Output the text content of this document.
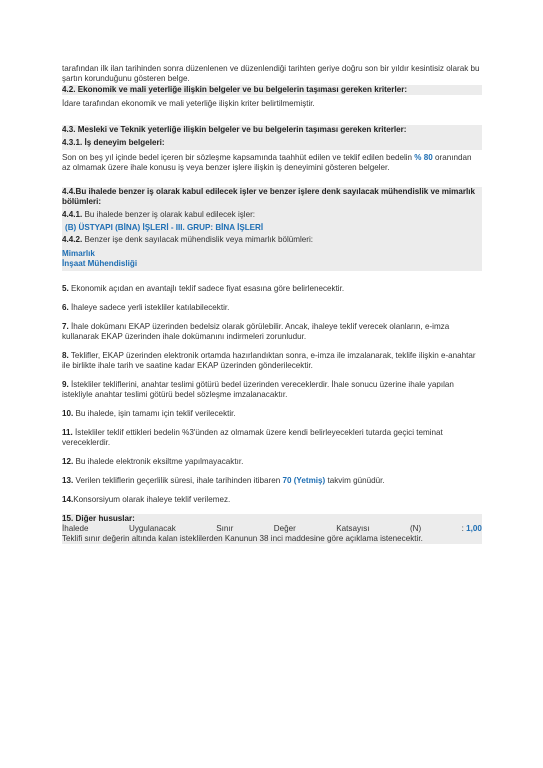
tarafından ilk ilan tarihinden sonra düzenlenen ve düzenlendiği tarihten geriye doğru son bir yıldır kesintisiz olarak bu şartın korunduğunu gösteren belge.

4.2. Ekonomik ve mali yeterliğe ilişkin belgeler ve bu belgelerin taşıması gereken kriterler:

İdare tarafından ekonomik ve mali yeterliğe ilişkin kriter belirtilmemiştir.

4.3. Mesleki ve Teknik yeterliğe ilişkin belgeler ve bu belgelerin taşıması gereken kriterler:

4.3.1. İş deneyim belgeleri:

Son on beş yıl içinde bedel içeren bir sözleşme kapsamında taahhüt edilen ve teklif edilen bedelin % 80 oranından az olmamak üzere ihale konusu iş veya benzer işlere ilişkin iş deneyimini gösteren belgeler.

4.4.Bu ihalede benzer iş olarak kabul edilecek işler ve benzer işlere denk sayılacak mühendislik ve mimarlık bölümleri:

4.4.1. Bu ihalede benzer iş olarak kabul edilecek işler:

(B) ÜSTYAPI (BİNA) İŞLERİ - III. GRUP: BİNA İŞLERİ

4.4.2. Benzer işe denk sayılacak mühendislik veya mimarlık bölümleri:

Mimarlık

İnşaat Mühendisliği

5. Ekonomik açıdan en avantajlı teklif sadece fiyat esasına göre belirlenecektir.

6. İhaleye sadece yerli istekliler katılabilecektir.

7. İhale dokümanı EKAP üzerinden bedelsiz olarak görülebilir. Ancak, ihaleye teklif verecek olanların, e-imza kullanarak EKAP üzerinden ihale dokümanını indirmeleri zorunludur.

8. Teklifler, EKAP üzerinden elektronik ortamda hazırlandıktan sonra, e-imza ile imzalanarak, teklife ilişkin e-anahtar ile birlikte ihale tarih ve saatine kadar EKAP üzerinden gönderilecektir.

9. İstekliler tekliflerini, anahtar teslimi götürü bedel üzerinden vereceklerdir. İhale sonucu üzerine ihale yapılan istekliyle anahtar teslimi götürü bedel sözleşme imzalanacaktır.

10. Bu ihalede, işin tamamı için teklif verilecektir.

11. İstekliler teklif ettikleri bedelin %3'ünden az olmamak üzere kendi belirleyecekleri tutarda geçici teminat vereceklerdir.

12. Bu ihalede elektronik eksiltme yapılmayacaktır.

13. Verilen tekliflerin geçerlilik süresi, ihale tarihinden itibaren 70 (Yetmiş) takvim günüdür.

14.Konsorsiyum olarak ihaleye teklif verilemez.

15. Diğer hususlar:

İhalede	Uygulanacak	Sınır	Değer	Katsayısı	(N)	: 1,00

Teklifi sınır değerin altında kalan isteklilerden Kanunun 38 inci maddesine göre açıklama istenecektir.
